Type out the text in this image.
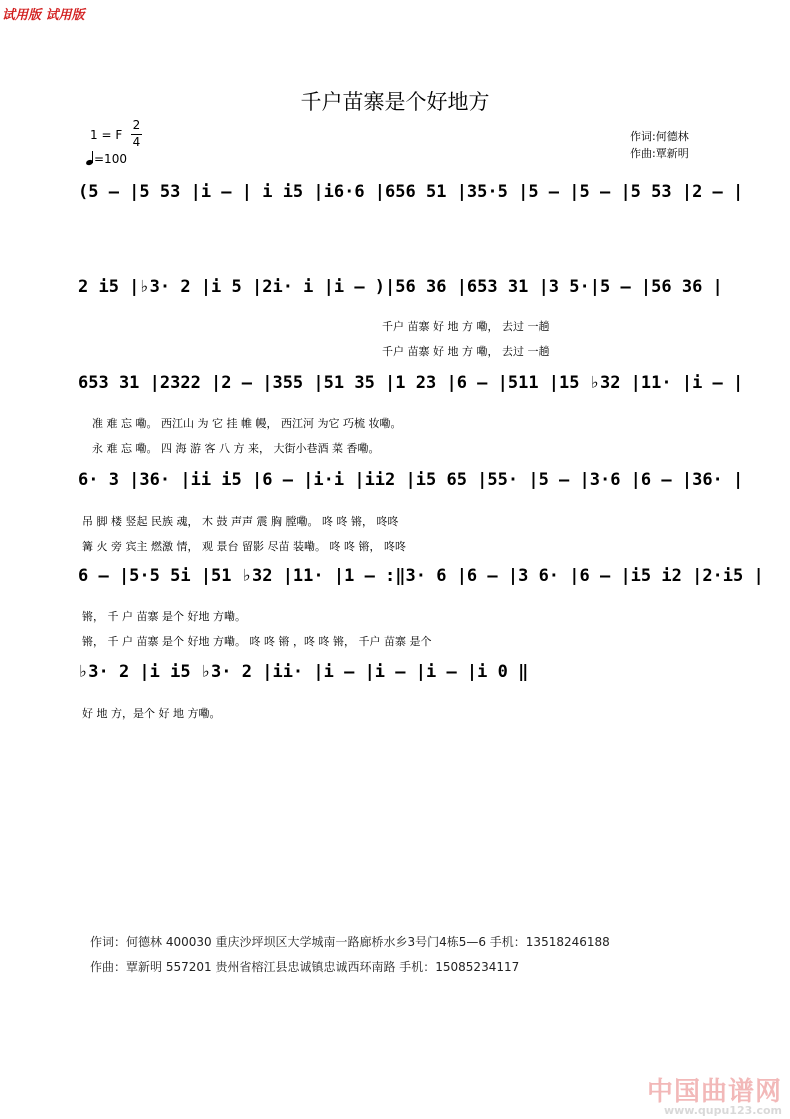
试用版 试用版
千户苗寨是个好地方
1 = F
2
4
=100
作词:何德林
作曲:覃新明
(5 – |5 53 |i – | i i5 |i6·6 |656 51 |35·5 |5 – |5 – |5 53 |2 – |
2 i5 |♭3· 2 |i 5 |2i· i |i – )|56 36 |653 31 |3 5·|5 – |56 36 |
653 31 |2322 |2 – |355 |51 35 |1 23 |6 – |511 |15 ♭32 |11· |i – |
6· 3 |36· |ii i5 |6 – |i·i |ii2 |i5 65 |55· |5 – |3·6 |6 – |36· |
6 – |5·5 5i |51 ♭32 |11· |1 – :‖3· 6 |6 – |3 6· |6 – |i5 i2 |2·i5 |
♭3· 2 |i i5 ♭3· 2 |ii· |i – |i – |i – |i 0 ‖
千户 苗寨 好 地 方 嘞， 去过 一趟
千户 苗寨 好 地 方 嘞， 去过 一趟
准 难 忘 嘞。 西江山 为 它 挂 帷 幔， 西江河 为它 巧梳 妆嘞。
永 难 忘 嘞。 四 海 游 客 八 方 来， 大街小巷酒 菜 香嘞。
吊 脚 楼 竖起 民族 魂， 木 鼓 声声 震 胸 膛嘞。 咚 咚 锵， 咚咚
篝 火 旁 宾主 燃激 情， 观 景台 留影 尽苗 装嘞。 咚 咚 锵， 咚咚
锵， 千 户 苗寨 是个 好地 方嘞。
锵， 千 户 苗寨 是个 好地 方嘞。 咚 咚 锵 ，咚 咚 锵， 千户 苗寨 是个
好 地 方，是个 好 地 方嘞。
作词：何德林 400030 重庆沙坪坝区大学城南一路廊桥水乡3号门4栋5—6 手机：13518246188
作曲：覃新明 557201 贵州省榕江县忠诚镇忠诚西环南路 手机：15085234117
中国曲谱网
www.qupu123.com
